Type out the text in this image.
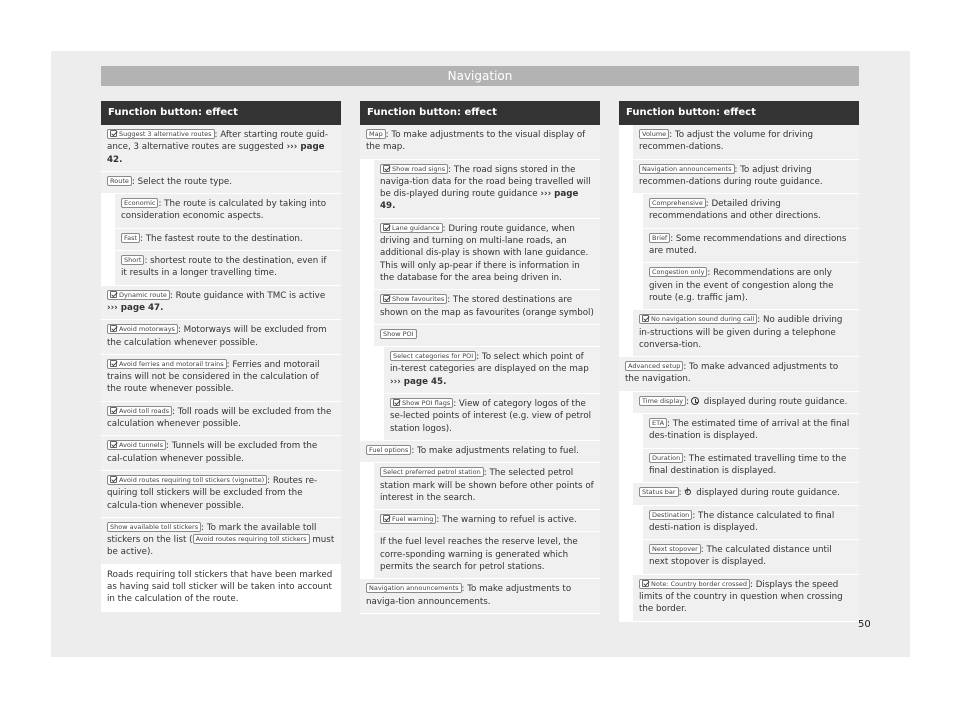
Navigation
Function button: effect
Suggest 3 alternative routes : After starting route guid-ance, 3 alternative routes are suggested ››› page 42.
Route : Select the route type.
Economic : The route is calculated by taking into consideration economic aspects.
Fast : The fastest route to the destination.
Short : shortest route to the destination, even if it results in a longer travelling time.
Dynamic route : Route guidance with TMC is active ››› page 47.
Avoid motorways : Motorways will be excluded from the calculation whenever possible.
Avoid ferries and motorail trains : Ferries and motorail trains will not be considered in the calculation of the route whenever possible.
Avoid toll roads : Toll roads will be excluded from the calculation whenever possible.
Avoid tunnels : Tunnels will be excluded from the cal-culation whenever possible.
Avoid routes requiring toll stickers (vignette) : Routes re-quiring toll stickers will be excluded from the calcula-tion whenever possible.
Show available toll stickers : To mark the available toll stickers on the list ( Avoid routes requiring toll stickers must be active).
Roads requiring toll stickers that have been marked as having said toll sticker will be taken into account in the calculation of the route.
Function button: effect
Map : To make adjustments to the visual display of the map.
Show road signs : The road signs stored in the naviga-tion data for the road being travelled will be dis-played during route guidance ››› page 49.
Lane guidance : During route guidance, when driving and turning on multi-lane roads, an additional dis-play is shown with lane guidance. This will only ap-pear if there is information in the database for the area being driven in.
Show favourites : The stored destinations are shown on the map as favourites (orange symbol)
Show POI
Select categories for POI : To select which point of in-terest categories are displayed on the map ››› page 45.
Show POI flags : View of category logos of the se-lected points of interest (e.g. view of petrol station logos).
Fuel options : To make adjustments relating to fuel.
Select preferred petrol station : The selected petrol station mark will be shown before other points of interest in the search.
Fuel warning : The warning to refuel is active.
If the fuel level reaches the reserve level, the corre-sponding warning is generated which permits the search for petrol stations.
Navigation announcements : To make adjustments to naviga-tion announcements.
Function button: effect
Volume : To adjust the volume for driving recommen-dations.
Navigation announcements : To adjust driving recommen-dations during route guidance.
Comprehensive : Detailed driving recommendations and other directions.
Brief : Some recommendations and directions are muted.
Congestion only : Recommendations are only given in the event of congestion along the route (e.g. traffic jam).
No navigation sound during call : No audible driving in-structions will be given during a telephone conversa-tion.
Advanced setup : To make advanced adjustments to the navigation.
Time display : displayed during route guidance.
ETA : The estimated time of arrival at the final des-tination is displayed.
Duration : The estimated travelling time to the final destination is displayed.
Status bar :+ displayed during route guidance.
Destination : The distance calculated to final desti-nation is displayed.
Next stopover : The calculated distance until next stopover is displayed.
Note: Country border crossed : Displays the speed limits of the country in question when crossing the border.
50
